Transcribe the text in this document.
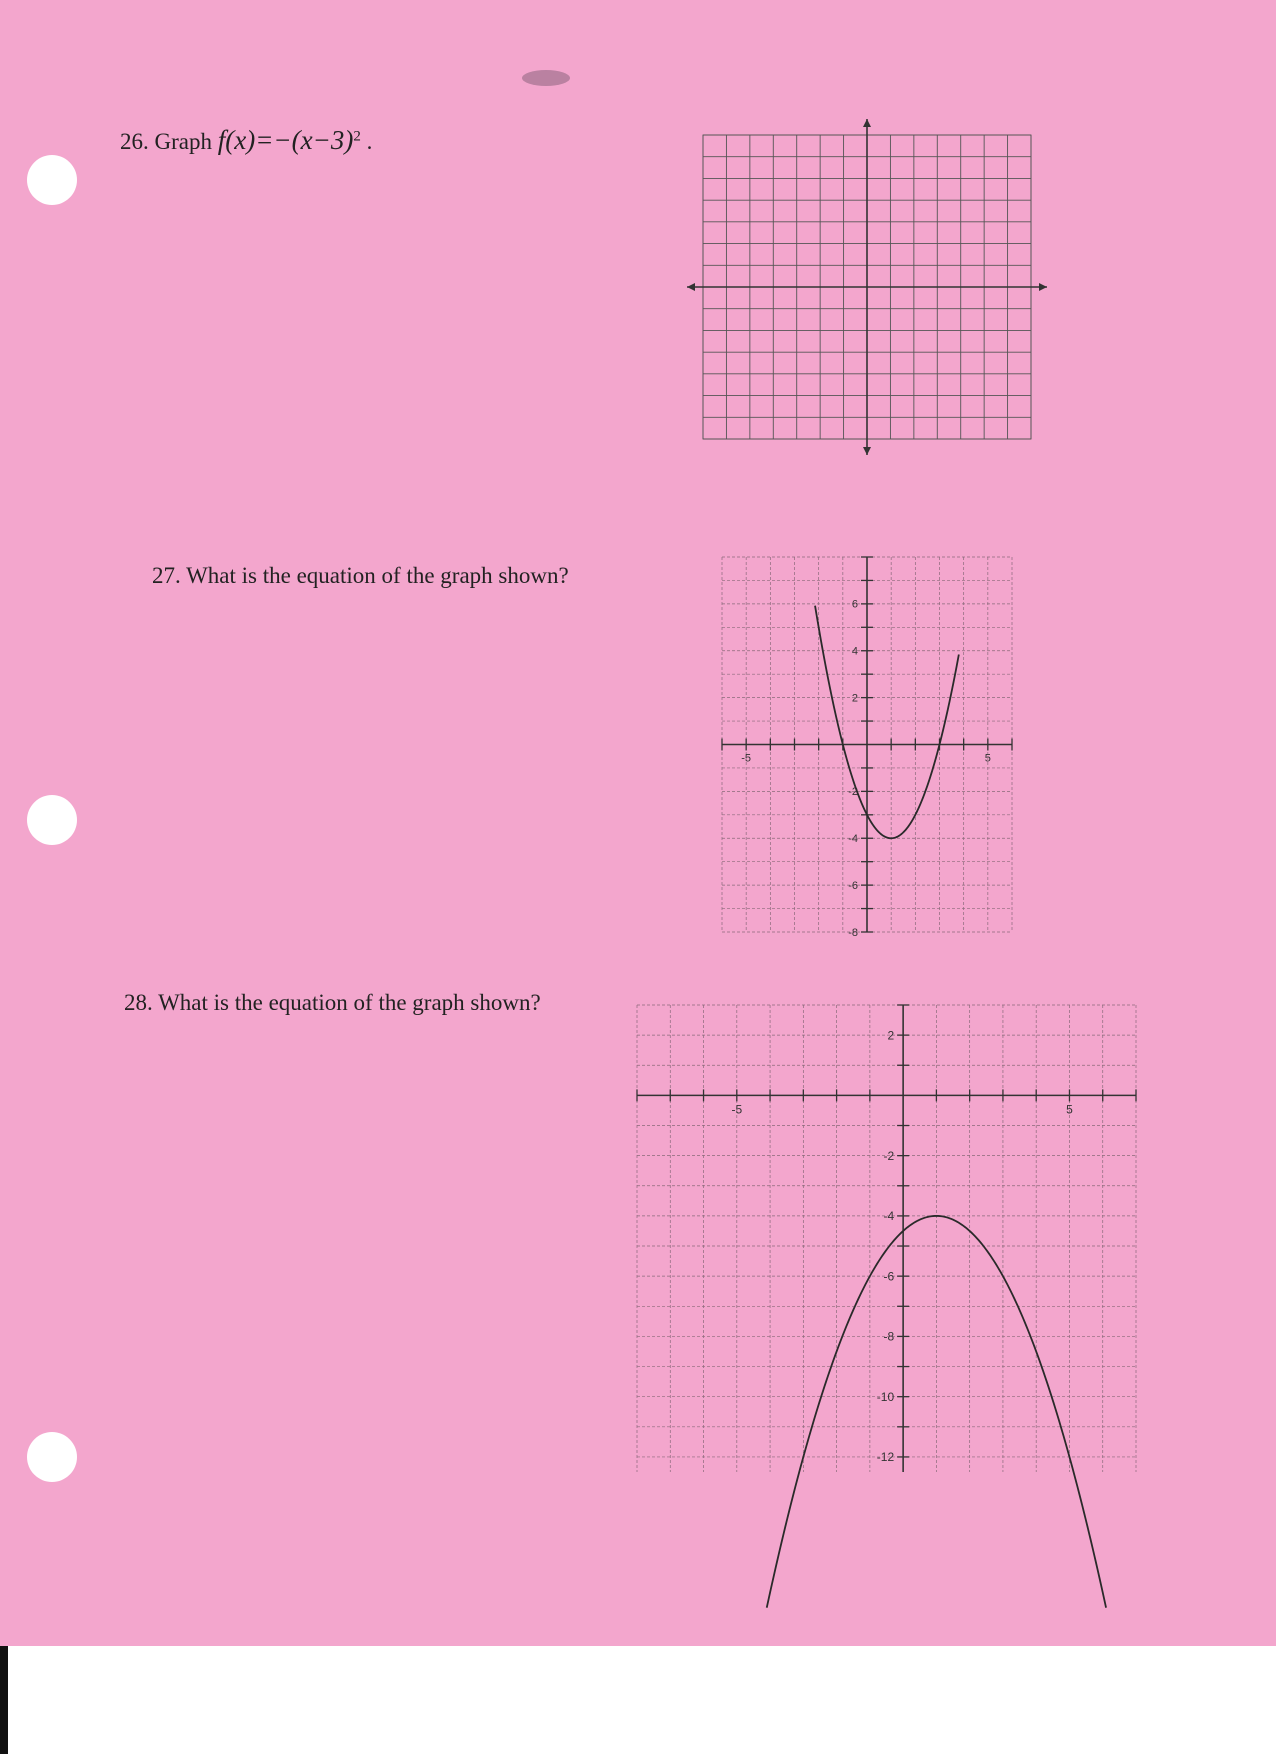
26. Graph $f(x)=-(x-3)^2$ .
27. What is the equation of the graph shown?
28. What is the equation of the graph shown?
-5	5
6
4
2
-2
-4
-6
-8
-5	5
2
-2
-4
-6
-8
-10
-12
